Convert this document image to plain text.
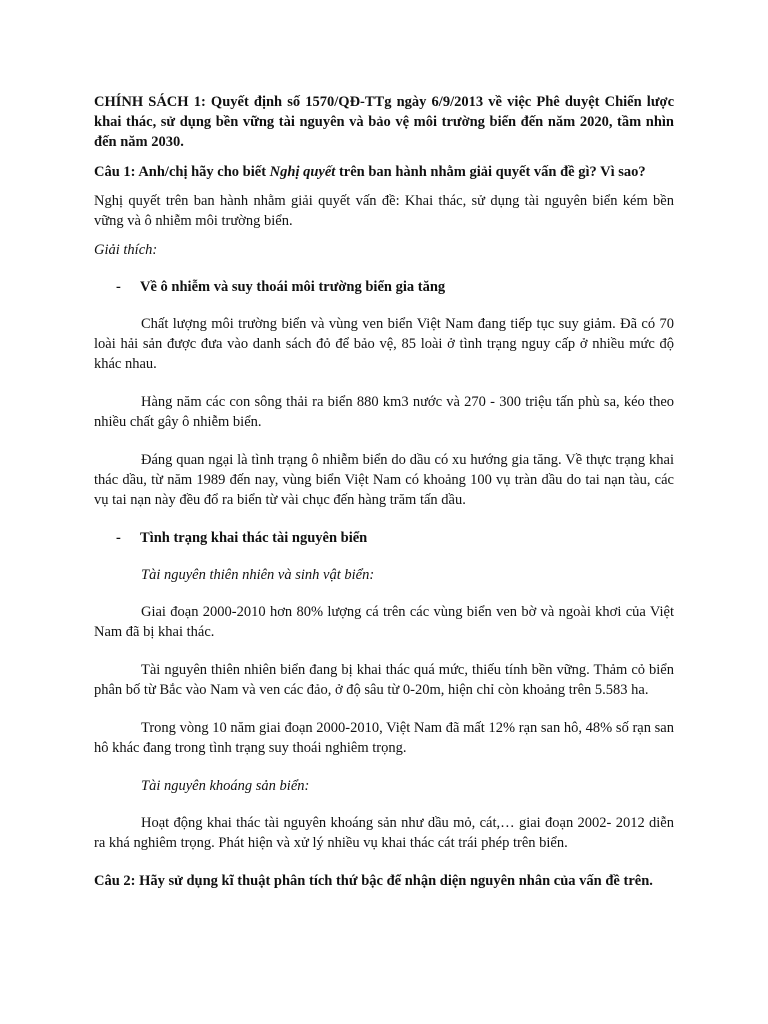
CHÍNH SÁCH 1: Quyết định số 1570/QĐ-TTg ngày 6/9/2013 về việc Phê duyệt Chiến lược khai thác, sử dụng bền vững tài nguyên và bảo vệ môi trường biển đến năm 2020, tầm nhìn đến năm 2030.

Câu 1: Anh/chị hãy cho biết Nghị quyết trên ban hành nhằm giải quyết vấn đề gì? Vì sao?

Nghị quyết trên ban hành nhằm giải quyết vấn đề: Khai thác, sử dụng tài nguyên biển kém bền vững và ô nhiễm môi trường biển.

Giải thích:

-	Về ô nhiễm và suy thoái môi trường biển gia tăng

Chất lượng môi trường biển và vùng ven biển Việt Nam đang tiếp tục suy giảm. Đã có 70 loài hải sản được đưa vào danh sách đỏ để bảo vệ, 85 loài ở tình trạng nguy cấp ở nhiều mức độ khác nhau.

Hàng năm các con sông thải ra biển 880 km3 nước và 270 - 300 triệu tấn phù sa, kéo theo nhiều chất gây ô nhiễm biển.

Đáng quan ngại là tình trạng ô nhiễm biển do dầu có xu hướng gia tăng. Về thực trạng khai thác dầu, từ năm 1989 đến nay, vùng biển Việt Nam có khoảng 100 vụ tràn dầu do tai nạn tàu, các vụ tai nạn này đều đổ ra biển từ vài chục đến hàng trăm tấn dầu.

-	Tình trạng khai thác tài nguyên biển

Tài nguyên thiên nhiên và sinh vật biển:

Giai đoạn 2000-2010 hơn 80% lượng cá trên các vùng biển ven bờ và ngoài khơi của Việt Nam đã bị khai thác.

Tài nguyên thiên nhiên biển đang bị khai thác quá mức, thiếu tính bền vững. Thảm cỏ biển phân bố từ Bắc vào Nam và ven các đảo, ở độ sâu từ 0-20m, hiện chỉ còn khoảng trên 5.583 ha.

Trong vòng 10 năm giai đoạn 2000-2010, Việt Nam đã mất 12% rạn san hô, 48% số rạn san hô khác đang trong tình trạng suy thoái nghiêm trọng.

Tài nguyên khoáng sản biển:

Hoạt động khai thác tài nguyên khoáng sản như dầu mỏ, cát,… giai đoạn 2002- 2012 diễn ra khá nghiêm trọng. Phát hiện và xử lý nhiều vụ khai thác cát trái phép trên biển.

Câu 2: Hãy sử dụng kĩ thuật phân tích thứ bậc để nhận diện nguyên nhân của vấn đề trên.
